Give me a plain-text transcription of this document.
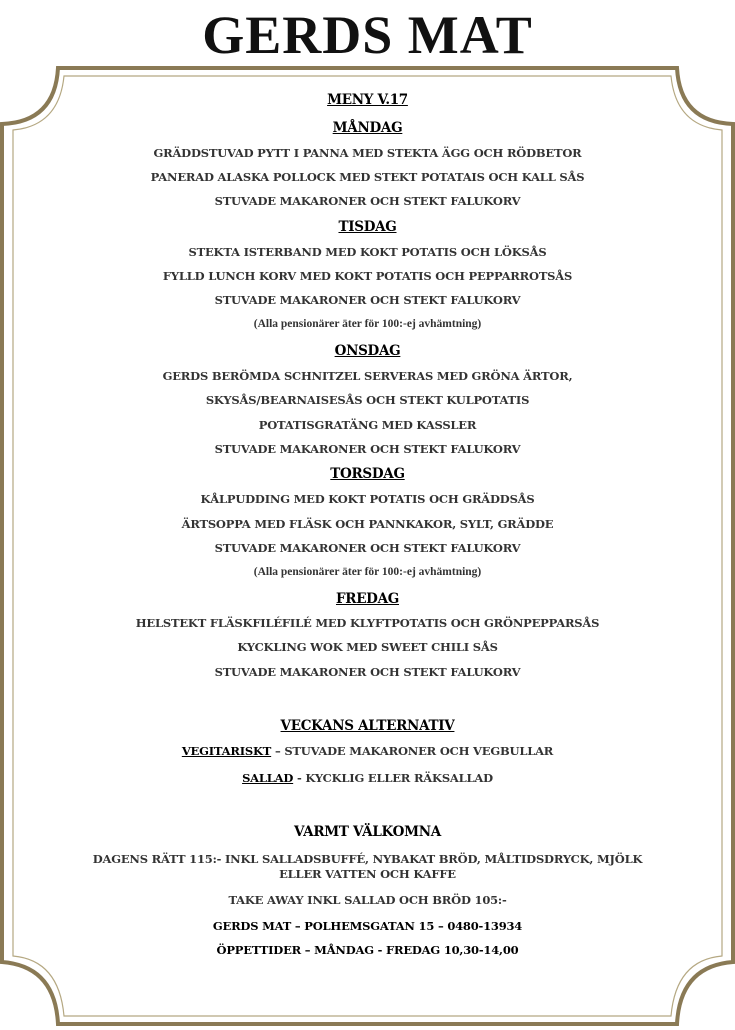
GERDS MAT
MENY V.17
MÅNDAG
GRÄDDSTUVAD PYTT I PANNA MED STEKTA ÄGG OCH RÖDBETOR
PANERAD ALASKA POLLOCK MED STEKT POTATAIS OCH KALL SÅS
STUVADE MAKARONER OCH STEKT FALUKORV
TISDAG
STEKTA ISTERBAND MED KOKT POTATIS OCH LÖKSÅS
FYLLD LUNCH KORV MED KOKT POTATIS OCH PEPPARROTSÅS
STUVADE MAKARONER OCH STEKT FALUKORV
(Alla pensionärer äter för 100:-ej avhämtning)
ONSDAG
GERDS BERÖMDA SCHNITZEL SERVERAS MED GRÖNA ÄRTOR,
SKYSÅS/BEARNAISESÅS OCH STEKT KULPOTATIS
POTATISGRATÄNG MED KASSLER
STUVADE MAKARONER OCH STEKT FALUKORV
TORSDAG
KÅLPUDDING MED KOKT POTATIS OCH GRÄDDSÅS
ÄRTSOPPA MED FLÄSK OCH PANNKAKOR, SYLT, GRÄDDE
STUVADE MAKARONER OCH STEKT FALUKORV
(Alla pensionärer äter för 100:-ej avhämtning)
FREDAG
HELSTEKT FLÄSKFILÉFILÉ MED KLYFTPOTATIS OCH GRÖNPEPPARSÅS
KYCKLING WOK MED SWEET CHILI SÅS
STUVADE MAKARONER OCH STEKT FALUKORV
VECKANS ALTERNATIV
VEGITARISKT – STUVADE MAKARONER OCH VEGBULLAR
SALLAD - KYCKLIG ELLER RÄKSALLAD
VARMT VÄLKOMNA
DAGENS RÄTT 115:- INKL SALLADSBUFFÉ, NYBAKAT BRÖD, MÅLTIDSDRYCK, MJÖLK ELLER VATTEN OCH KAFFE
TAKE AWAY INKL SALLAD OCH BRÖD 105:-
GERDS MAT – POLHEMSGATAN 15 – 0480-13934
ÖPPETTIDER – MÅNDAG - FREDAG 10,30-14,00
